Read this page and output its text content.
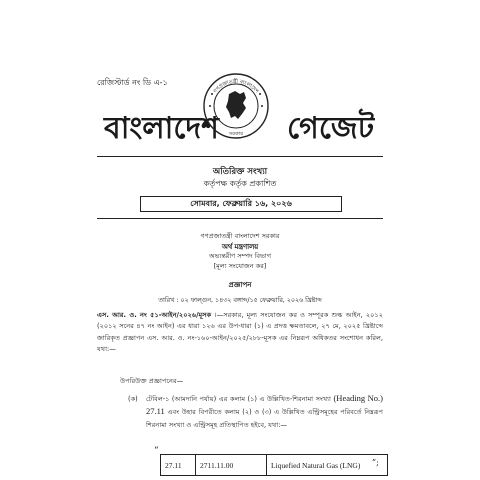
রেজিস্টার্ড নং ডি এ-১
বাংলাদেশ
গণপ্রজাতন্ত্রী বাংলাদেশ
সরকার গেজেট
অতিরিক্ত সংখ্যা
কর্তৃপক্ষ কর্তৃক প্রকাশিত
সোমবার, ফেব্রুয়ারি ১৬, ২০২৬
গণপ্রজাতন্ত্রী বাংলাদেশ সরকার
অর্থ মন্ত্রণালয়
অভ্যন্তরীণ সম্পদ বিভাগ
[মূল্য সংযোজন কর]
প্রজ্ঞাপন
তারিখ : ০২ ফাল্গুন, ১৪৩২ বঙ্গাব্দ/১৫ ফেব্রুয়ারি, ২০২৬ খ্রিষ্টাব্দ
এস. আর. ও. নং ৫১-আইন/২০২৬/মূসক ।—সরকার, মূল্য সংযোজন কর ও সম্পূরক শুল্ক আইন, ২০১২ (২০১২ সনের ৪৭ নং আইন) এর ধারা ১২৬ এর উপ-ধারা (১) এ প্রদত্ত ক্ষমতাবলে, ২৭ মে, ২০২৫ খ্রিষ্টাব্দে জারিকৃত প্রজ্ঞাপন এস. আর. ও. নং-১৬০-আইন/২০২৫/২৮৮-মূসক এর নিম্নরূপ অধিকতর সংশোধন করিল, যথা:—
উপরিউক্ত প্রজ্ঞাপনের—
(ক) টেবিল-১ (আমদানি পর্যায়) এর কলাম (১) এ উল্লিখিত-শিরনামা সংখ্যা (Heading No.) 27.11 এবং উহার বিপরীতে কলাম (২) ও (৩) এ উল্লিখিত এন্ট্রিসমূহের পরিবর্তে নিম্নরূপ শিরনামা সংখ্যা ও এন্ট্রিসমূহ প্রতিস্থাপিত হইবে, যথা:—
“
27.11	2711.11.00	Liquefied Natural Gas (LNG) ”;
